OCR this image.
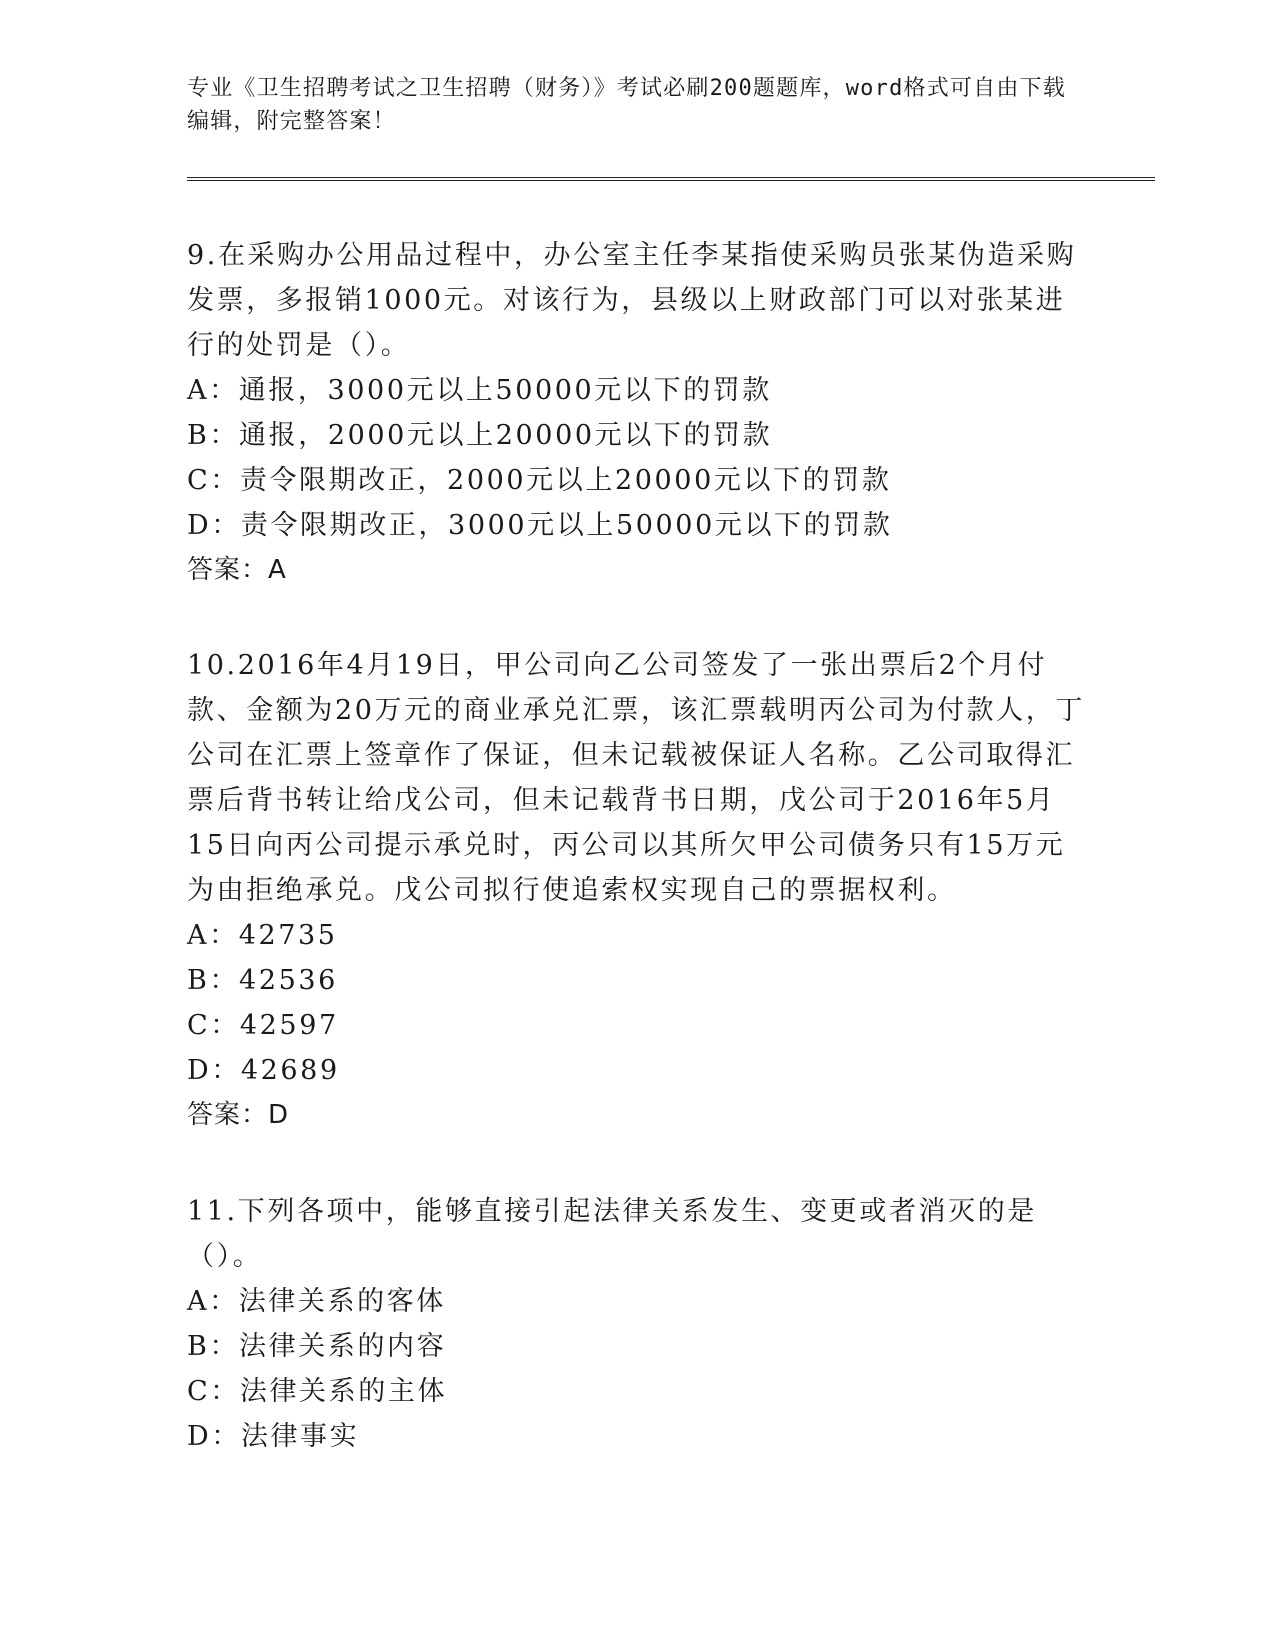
专业《卫生招聘考试之卫生招聘（财务）》考试必刷200题题库，word格式可自由下载编辑，附完整答案！

9.在采购办公用品过程中，办公室主任李某指使采购员张某伪造采购发票，多报销1000元。对该行为，县级以上财政部门可以对张某进行的处罚是（）。

A：通报，3000元以上50000元以下的罚款

B：通报，2000元以上20000元以下的罚款

C：责令限期改正，2000元以上20000元以下的罚款

D：责令限期改正，3000元以上50000元以下的罚款

答案：A

10.2016年4月19日，甲公司向乙公司签发了一张出票后2个月付款、金额为20万元的商业承兑汇票，该汇票载明丙公司为付款人，丁公司在汇票上签章作了保证，但未记载被保证人名称。乙公司取得汇票后背书转让给戊公司，但未记载背书日期，戊公司于2016年5月15日向丙公司提示承兑时，丙公司以其所欠甲公司债务只有15万元为由拒绝承兑。戊公司拟行使追索权实现自己的票据权利。

A：42735

B：42536

C：42597

D：42689

答案：D

11.下列各项中，能够直接引起法律关系发生、变更或者消灭的是（）。

A：法律关系的客体

B：法律关系的内容

C：法律关系的主体

D：法律事实
